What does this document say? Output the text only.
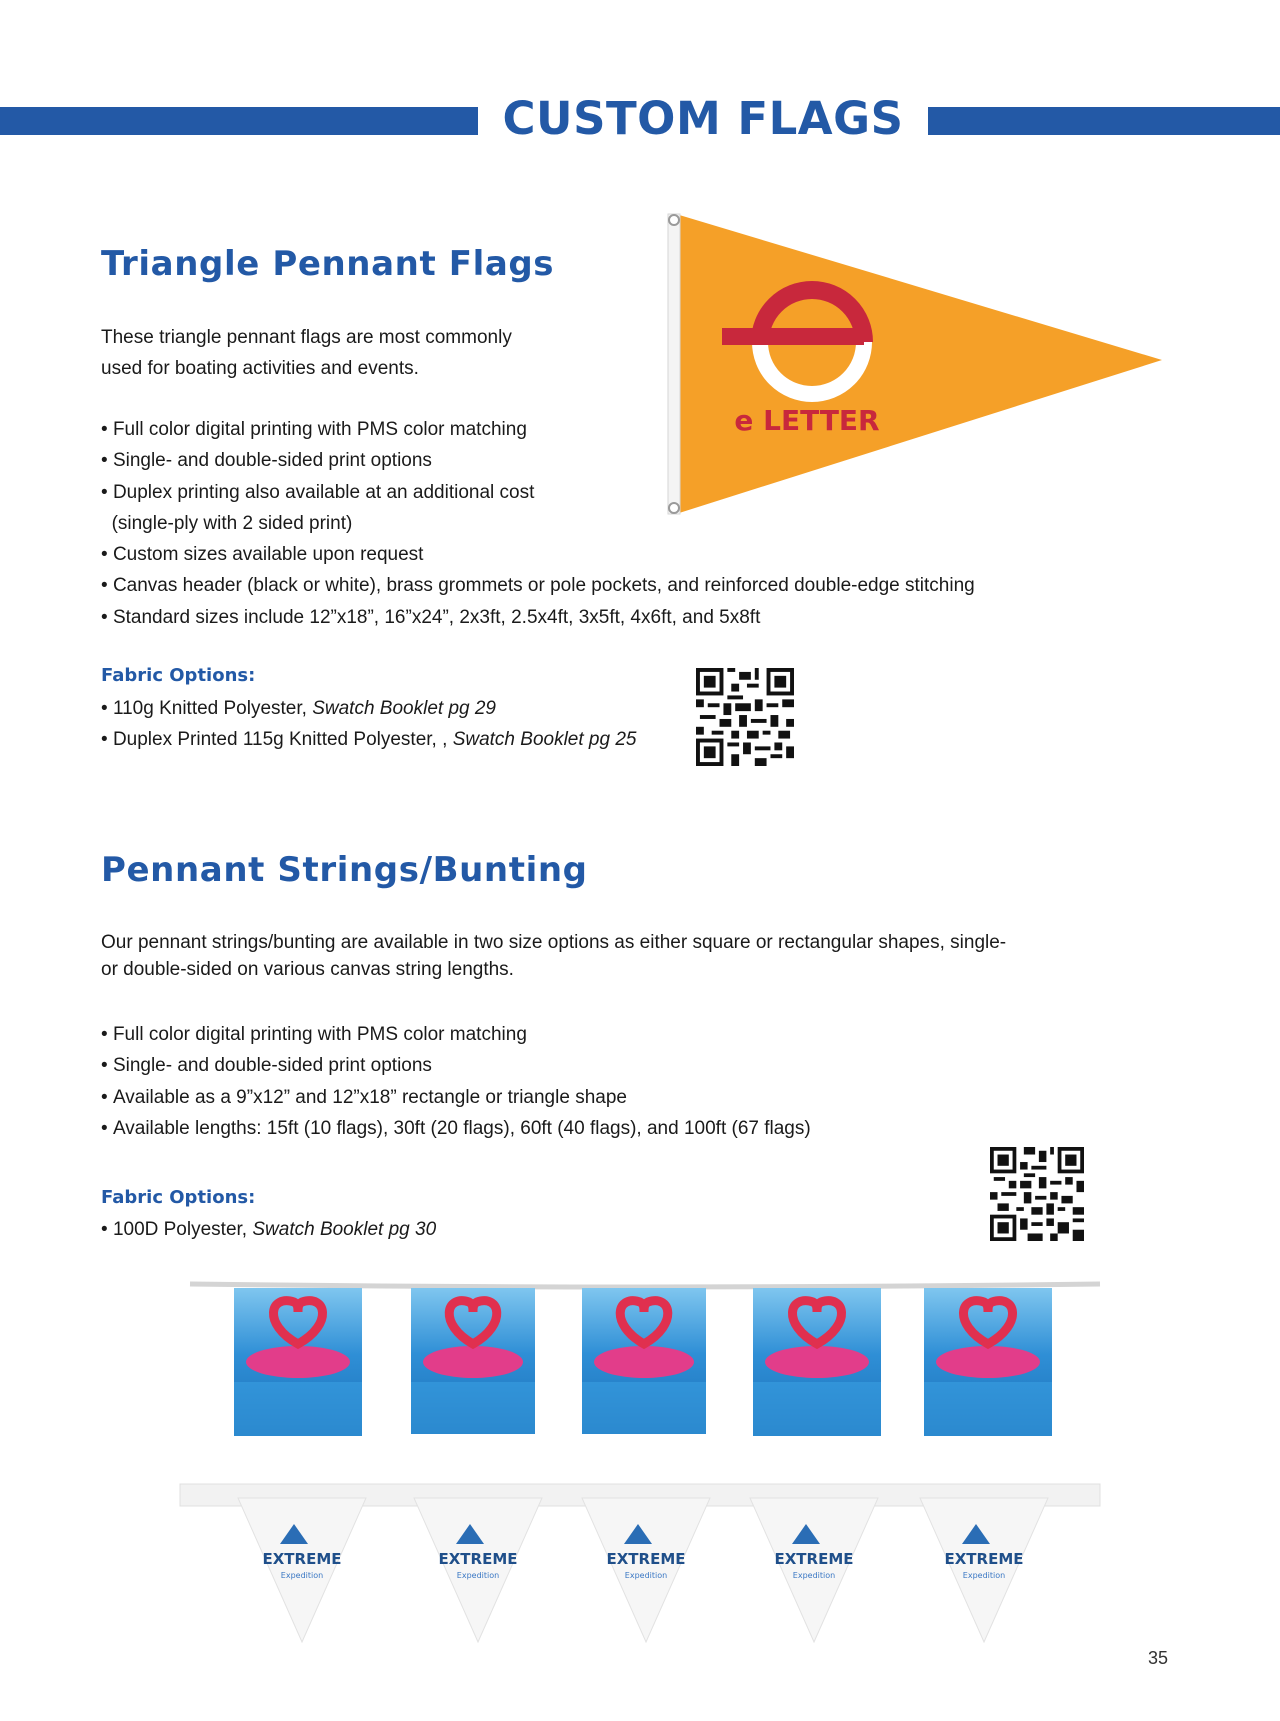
CUSTOM FLAGS
Triangle Pennant Flags

These triangle pennant flags are most commonly
used for boating activities and events.

• Full color digital printing with PMS color matching
• Single- and double-sided print options
• Duplex printing also available at an additional cost
(single-ply with 2 sided print)
• Custom sizes available upon request
• Canvas header (black or white), brass grommets or pole pockets, and reinforced double-edge stitching
• Standard sizes include 12”x18”, 16”x24”, 2x3ft, 2.5x4ft, 3x5ft, 4x6ft, and 5x8ft
Fabric Options:
• 110g Knitted Polyester, Swatch Booklet pg 29
• Duplex Printed 115g Knitted Polyester, , Swatch Booklet pg 25
e LETTER
Pennant Strings/Bunting

Our pennant strings/bunting are available in two size options as either square or rectangular shapes, single-
or double-sided on various canvas string lengths.

• Full color digital printing with PMS color matching
• Single- and double-sided print options
• Available as a 9”x12” and 12”x18” rectangle or triangle shape
• Available lengths: 15ft (10 flags), 30ft (20 flags), 60ft (40 flags), and 100ft (67 flags)
Fabric Options:
• 100D Polyester, Swatch Booklet pg 30
EXTREME
Expedition
EXTREME
Expedition
EXTREME
Expedition
EXTREME
Expedition
EXTREME
Expedition
35
